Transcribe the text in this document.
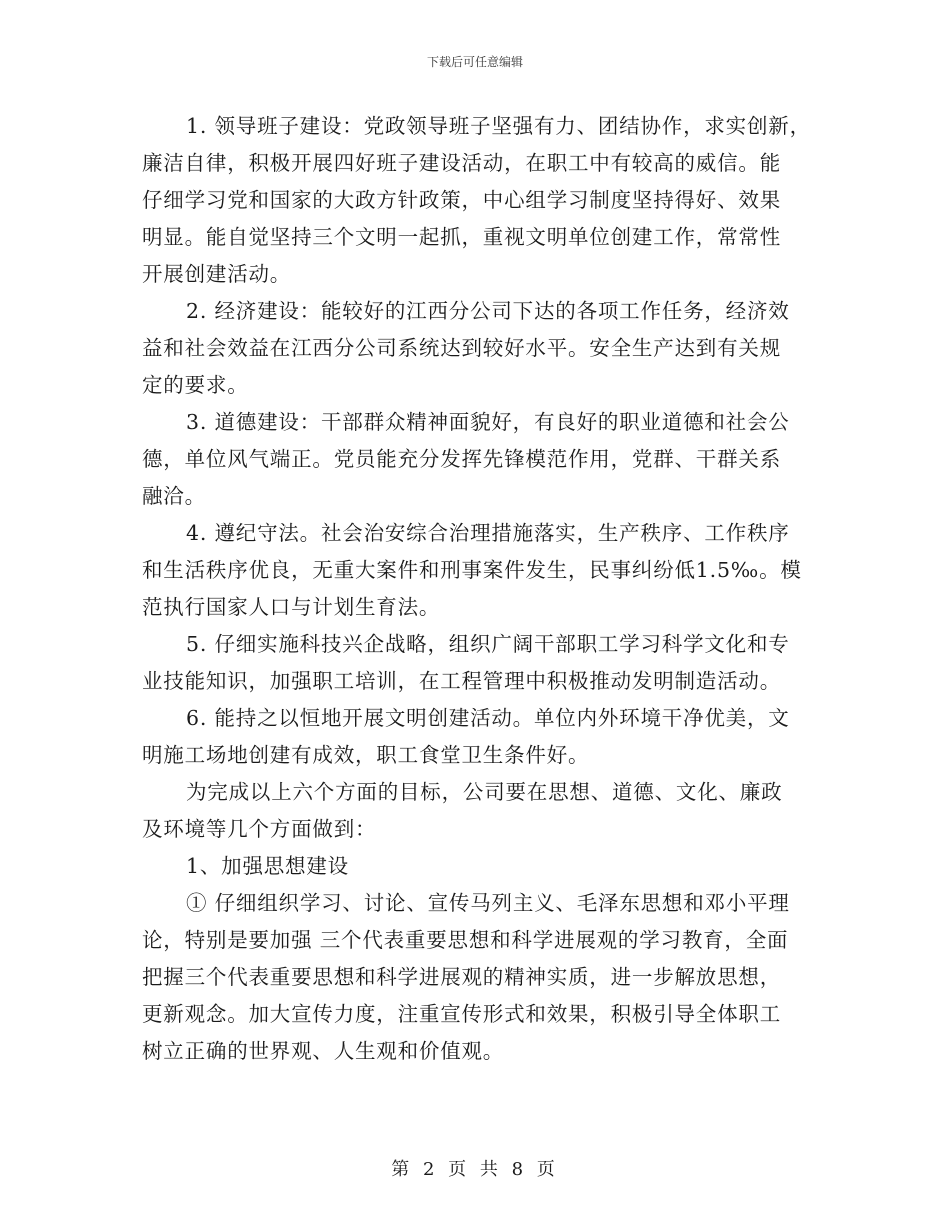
下载后可任意编辑
1. 领导班子建设：党政领导班子坚强有力、团结协作，求实创新，
廉洁自律，积极开展四好班子建设活动，在职工中有较高的威信。能
仔细学习党和国家的大政方针政策，中心组学习制度坚持得好、效果
明显。能自觉坚持三个文明一起抓，重视文明单位创建工作，常常性
开展创建活动。
2. 经济建设：能较好的江西分公司下达的各项工作任务，经济效
益和社会效益在江西分公司系统达到较好水平。安全生产达到有关规
定的要求。
3. 道德建设：干部群众精神面貌好，有良好的职业道德和社会公
德，单位风气端正。党员能充分发挥先锋模范作用，党群、干群关系
融洽。
4. 遵纪守法。社会治安综合治理措施落实，生产秩序、工作秩序
和生活秩序优良，无重大案件和刑事案件发生，民事纠纷低1.5‰。模
范执行国家人口与计划生育法。
5. 仔细实施科技兴企战略，组织广阔干部职工学习科学文化和专
业技能知识，加强职工培训，在工程管理中积极推动发明制造活动。
6. 能持之以恒地开展文明创建活动。单位内外环境干净优美，文
明施工场地创建有成效，职工食堂卫生条件好。
为完成以上六个方面的目标，公司要在思想、道德、文化、廉政
及环境等几个方面做到：
1、加强思想建设
① 仔细组织学习、讨论、宣传马列主义、毛泽东思想和邓小平理
论，特别是要加强 三个代表重要思想和科学进展观的学习教育，全面
把握三个代表重要思想和科学进展观的精神实质，进一步解放思想，
更新观念。加大宣传力度，注重宣传形式和效果，积极引导全体职工
树立正确的世界观、人生观和价值观。
第 2 页 共 8 页
